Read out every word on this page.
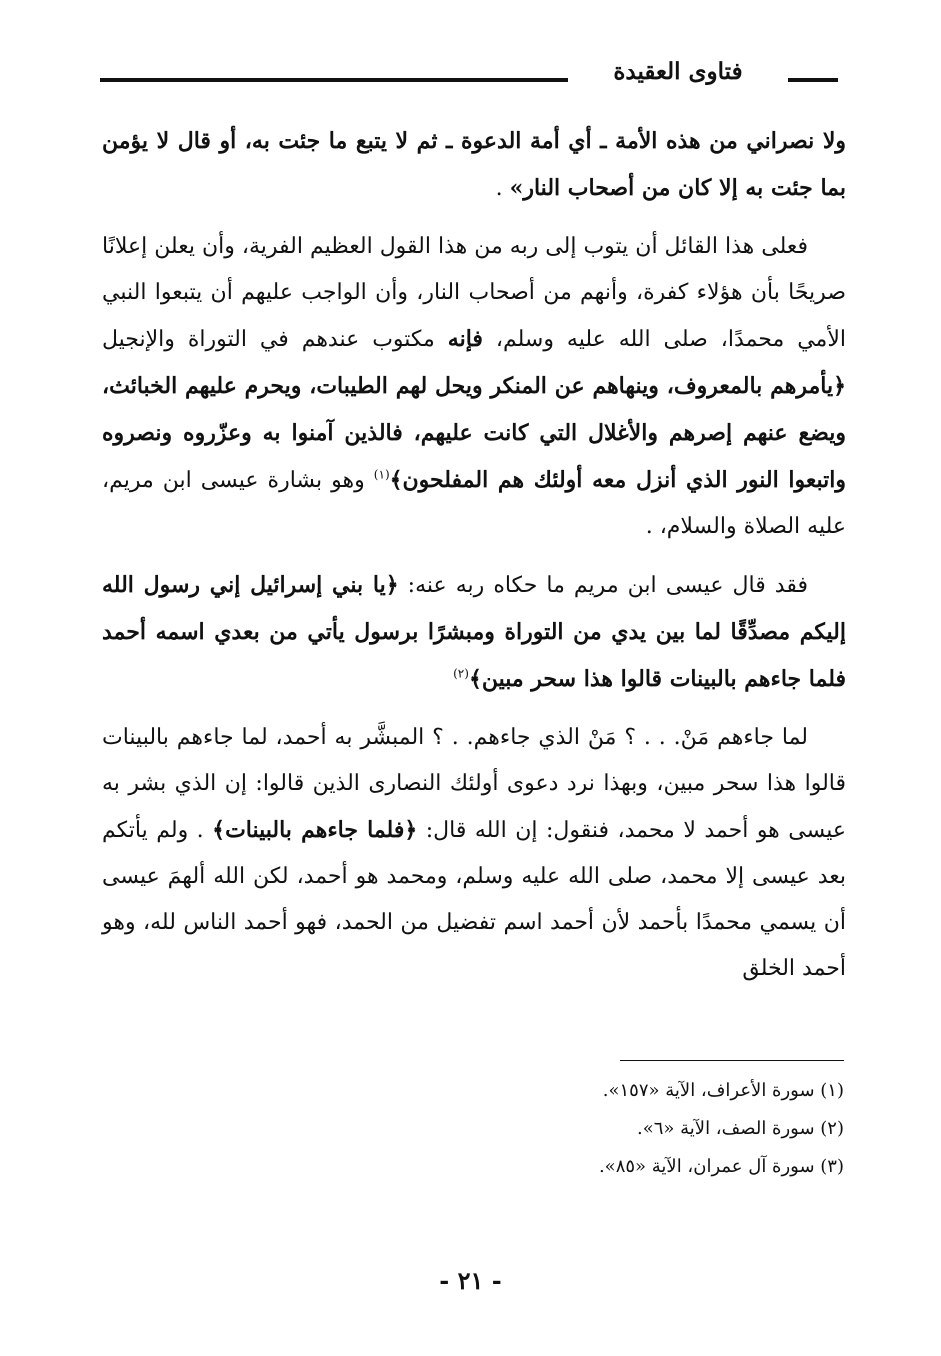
فتاوى العقيدة

ولا نصراني من هذه الأمة ـ أي أمة الدعوة ـ ثم لا يتبع ما جئت به، أو قال لا يؤمن بما جئت به إلا كان من أصحاب النار» .

فعلى هذا القائل أن يتوب إلى ربه من هذا القول العظيم الفرية، وأن يعلن إعلانًا صريحًا بأن هؤلاء كفرة، وأنهم من أصحاب النار، وأن الواجب عليهم أن يتبعوا النبي الأمي محمدًا، صلى الله عليه وسلم، فإنه مكتوب عندهم في التوراة والإنجيل ﴿يأمرهم بالمعروف، وينهاهم عن المنكر ويحل لهم الطيبات، ويحرم عليهم الخبائث، ويضع عنهم إصرهم والأغلال التي كانت عليهم، فالذين آمنوا به وعزّروه ونصروه واتبعوا النور الذي أنزل معه أولئك هم المفلحون﴾$^{(١)}$ وهو بشارة عيسى ابن مريم، عليه الصلاة والسلام، .

فقد قال عيسى ابن مريم ما حكاه ربه عنه: ﴿يا بني إسرائيل إني رسول الله إليكم مصدِّقًا لما بين يدي من التوراة ومبشرًا برسول يأتي من بعدي اسمه أحمد فلما جاءهم بالبينات قالوا هذا سحر مبين﴾$^{(٢)}$

لما جاءهم مَنْ. . . ؟ مَنْ الذي جاءهم. . ؟ المبشَّر به أحمد، لما جاءهم بالبينات قالوا هذا سحر مبين، وبهذا نرد دعوى أولئك النصارى الذين قالوا: إن الذي بشر به عيسى هو أحمد لا محمد، فنقول: إن الله قال: ﴿فلما جاءهم بالبينات﴾ . ولم يأتكم بعد عيسى إلا محمد، صلى الله عليه وسلم، ومحمد هو أحمد، لكن الله ألهمَ عيسى أن يسمي محمدًا بأحمد لأن أحمد اسم تفضيل من الحمد، فهو أحمد الناس لله، وهو أحمد الخلق

(١) سورة الأعراف، الآية «١٥٧».

(٢) سورة الصف، الآية «٦».

(٣) سورة آل عمران، الآية «٨٥».

- ٢١ -
